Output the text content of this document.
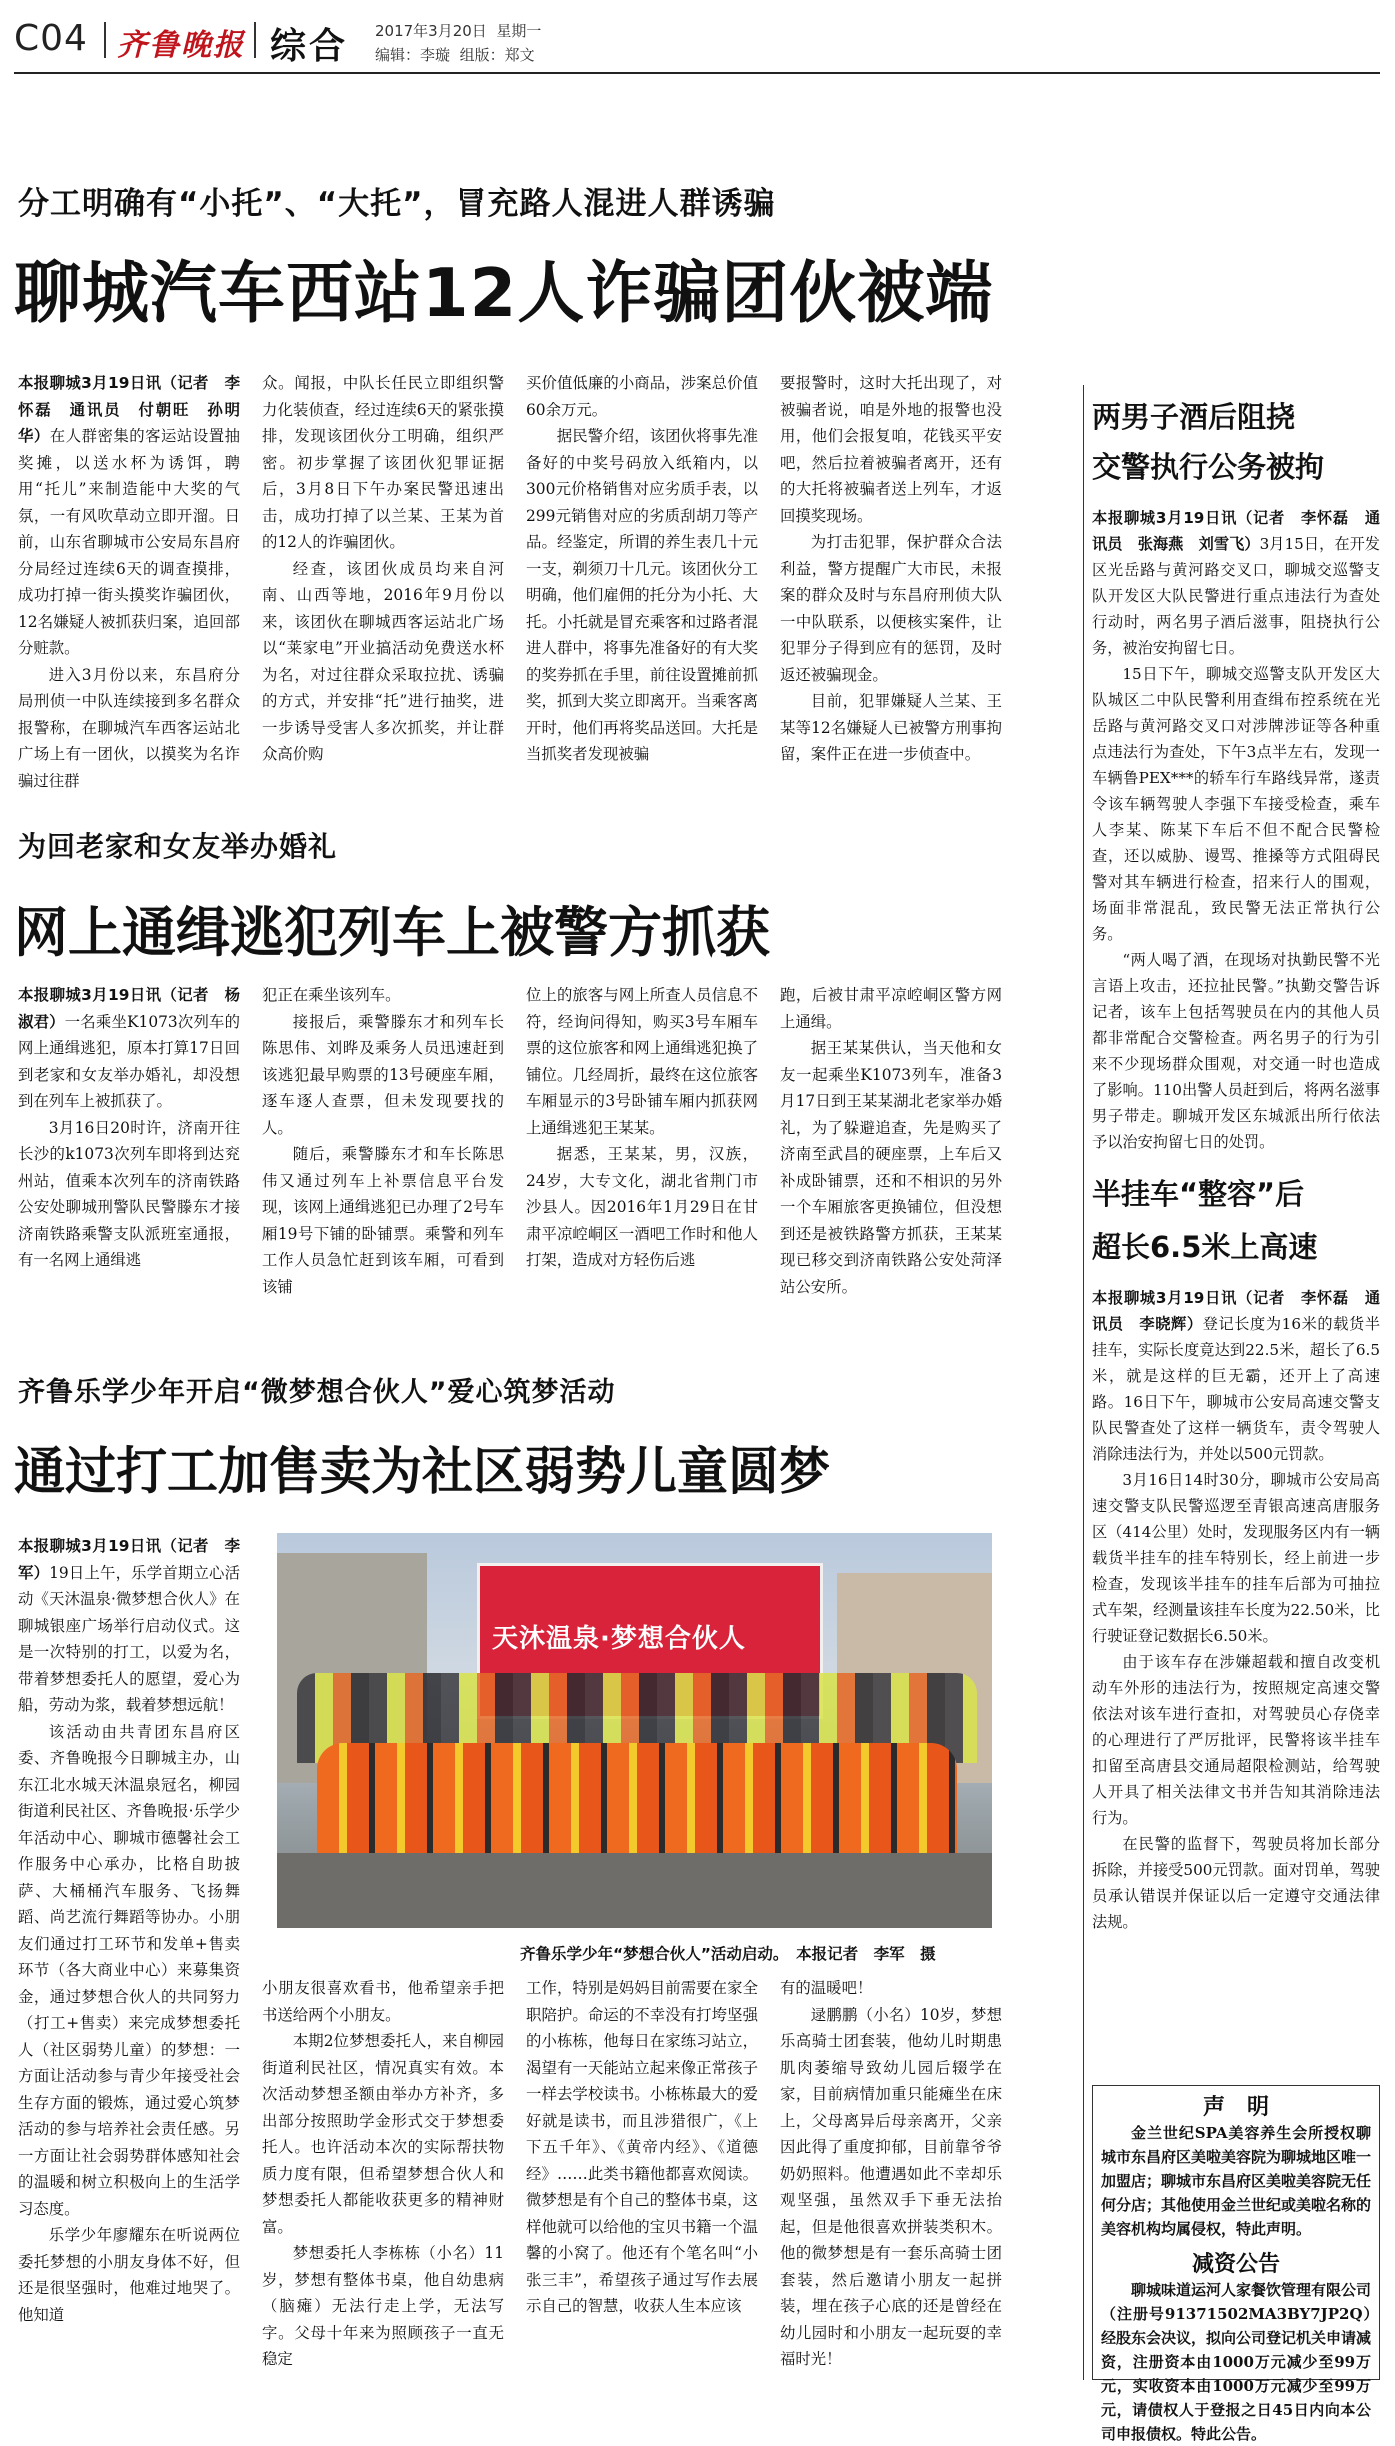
C04 齐鲁晚报 综合 2017年3月20日 星期一
编辑：李璇 组版：郑文
分工明确有“小托”、“大托”，冒充路人混进人群诱骗
聊城汽车西站12人诈骗团伙被端

本报聊城3月19日讯（记者　李怀磊　通讯员　付朝旺　孙明华）在人群密集的客运站设置抽奖摊，以送水杯为诱饵，聘用“托儿”来制造能中大奖的气氛，一有风吹草动立即开溜。日前，山东省聊城市公安局东昌府分局经过连续6天的调查摸排，成功打掉一街头摸奖诈骗团伙，12名嫌疑人被抓获归案，追回部分赃款。

进入3月份以来，东昌府分局刑侦一中队连续接到多名群众报警称，在聊城汽车西客运站北广场上有一团伙，以摸奖为名诈骗过往群

众。闻报，中队长任民立即组织警力化装侦查，经过连续6天的紧张摸排，发现该团伙分工明确，组织严密。初步掌握了该团伙犯罪证据后，3月8日下午办案民警迅速出击，成功打掉了以兰某、王某为首的12人的诈骗团伙。

经查，该团伙成员均来自河南、山西等地，2016年9月份以来，该团伙在聊城西客运站北广场以“莱家电”开业搞活动免费送水杯为名，对过往群众采取拉扰、诱骗的方式，并安排“托”进行抽奖，进一步诱导受害人多次抓奖，并让群众高价购

买价值低廉的小商品，涉案总价值60余万元。

据民警介绍，该团伙将事先准备好的中奖号码放入纸箱内，以300元价格销售对应劣质手表，以299元销售对应的劣质刮胡刀等产品。经鉴定，所谓的养生表几十元一支，剃须刀十几元。该团伙分工明确，他们雇佣的托分为小托、大托。小托就是冒充乘客和过路者混进人群中，将事先准备好的有大奖的奖券抓在手里，前往设置摊前抓奖，抓到大奖立即离开。当乘客离开时，他们再将奖品送回。大托是当抓奖者发现被骗

要报警时，这时大托出现了，对被骗者说，咱是外地的报警也没用，他们会报复咱，花钱买平安吧，然后拉着被骗者离开，还有的大托将被骗者送上列车，才返回摸奖现场。

为打击犯罪，保护群众合法利益，警方提醒广大市民，未报案的群众及时与东昌府刑侦大队一中队联系，以便核实案件，让犯罪分子得到应有的惩罚，及时返还被骗现金。

目前，犯罪嫌疑人兰某、王某等12名嫌疑人已被警方刑事拘留，案件正在进一步侦查中。

为回老家和女友举办婚礼
网上通缉逃犯列车上被警方抓获

本报聊城3月19日讯（记者　杨淑君）一名乘坐K1073次列车的网上通缉逃犯，原本打算17日回到老家和女友举办婚礼，却没想到在列车上被抓获了。

3月16日20时许，济南开往长沙的k1073次列车即将到达兖州站，值乘本次列车的济南铁路公安处聊城刑警队民警滕东才接济南铁路乘警支队派班室通报，有一名网上通缉逃

犯正在乘坐该列车。

接报后，乘警滕东才和列车长陈思伟、刘晔及乘务人员迅速赶到该逃犯最早购票的13号硬座车厢，逐车逐人查票，但未发现要找的人。

随后，乘警滕东才和车长陈思伟又通过列车上补票信息平台发现，该网上通缉逃犯已办理了2号车厢19号下铺的卧铺票。乘警和列车工作人员急忙赶到该车厢，可看到该铺

位上的旅客与网上所查人员信息不符，经询问得知，购买3号车厢车票的这位旅客和网上通缉逃犯换了铺位。几经周折，最终在这位旅客车厢显示的3号卧铺车厢内抓获网上通缉逃犯王某某。

据悉，王某某，男，汉族，24岁，大专文化，湖北省荆门市沙县人。因2016年1月29日在甘肃平凉崆峒区一酒吧工作时和他人打架，造成对方轻伤后逃

跑，后被甘肃平凉崆峒区警方网上通缉。

据王某某供认，当天他和女友一起乘坐K1073列车，准备3月17日到王某某湖北老家举办婚礼，为了躲避追查，先是购买了济南至武昌的硬座票，上车后又补成卧铺票，还和不相识的另外一个车厢旅客更换铺位，但没想到还是被铁路警方抓获，王某某现已移交到济南铁路公安处菏泽站公安所。

齐鲁乐学少年开启“微梦想合伙人”爱心筑梦活动
通过打工加售卖为社区弱势儿童圆梦

本报聊城3月19日讯（记者　李军）19日上午，乐学首期立心活动《天沐温泉·微梦想合伙人》在聊城银座广场举行启动仪式。这是一次特别的打工，以爱为名，带着梦想委托人的愿望，爱心为船，劳动为浆，载着梦想远航！

该活动由共青团东昌府区委、齐鲁晚报今日聊城主办，山东江北水城天沐温泉冠名，柳园街道利民社区、齐鲁晚报·乐学少年活动中心、聊城市德馨社会工作服务中心承办，比格自助披萨、大桶桶汽车服务、飞扬舞蹈、尚艺流行舞蹈等协办。小朋友们通过打工环节和发单+售卖环节（各大商业中心）来募集资金，通过梦想合伙人的共同努力（打工+售卖）来完成梦想委托人（社区弱势儿童）的梦想：一方面让活动参与青少年接受社会生存方面的锻炼，通过爱心筑梦活动的参与培养社会责任感。另一方面让社会弱势群体感知社会的温暖和树立积极向上的生活学习态度。

乐学少年廖耀东在听说两位委托梦想的小朋友身体不好，但还是很坚强时，他难过地哭了。他知道

天沐温泉·梦想合伙人
齐鲁乐学少年“梦想合伙人”活动启动。　本报记者　李军　摄

小朋友很喜欢看书，他希望亲手把书送给两个小朋友。

本期2位梦想委托人，来自柳园街道利民社区，情况真实有效。本次活动梦想圣额由举办方补齐，多出部分按照助学金形式交于梦想委托人。也许活动本次的实际帮扶物质力度有限，但希望梦想合伙人和梦想委托人都能收获更多的精神财富。

梦想委托人李栋栋（小名）11岁，梦想有整体书桌，他自幼患病（脑瘫）无法行走上学，无法写字。父母十年来为照顾孩子一直无稳定

工作，特别是妈妈目前需要在家全职陪护。命运的不幸没有打垮坚强的小栋栋，他每日在家练习站立，渴望有一天能站立起来像正常孩子一样去学校读书。小栋栋最大的爱好就是读书，而且涉猎很广，《上下五千年》、《黄帝内经》、《道德经》……此类书籍他都喜欢阅读。微梦想是有个自己的整体书桌，这样他就可以给他的宝贝书籍一个温馨的小窝了。他还有个笔名叫“小张三丰”，希望孩子通过写作去展示自己的智慧，收获人生本应该

有的温暖吧！

逯鹏鹏（小名）10岁，梦想乐高骑士团套装，他幼儿时期患肌肉萎缩导致幼儿园后辍学在家，目前病情加重只能瘫坐在床上，父母离异后母亲离开，父亲因此得了重度抑郁，目前靠爷爷奶奶照料。他遭遇如此不幸却乐观坚强，虽然双手下垂无法抬起，但是他很喜欢拼装类积木。他的微梦想是有一套乐高骑士团套装，然后邀请小朋友一起拼装，埋在孩子心底的还是曾经在幼儿园时和小朋友一起玩耍的幸福时光！

两男子酒后阻挠
交警执行公务被拘

本报聊城3月19日讯（记者　李怀磊　通讯员　张海燕　刘雪飞）3月15日，在开发区光岳路与黄河路交叉口，聊城交巡警支队开发区大队民警进行重点违法行为查处行动时，两名男子酒后滋事，阻挠执行公务，被治安拘留七日。

15日下午，聊城交巡警支队开发区大队城区二中队民警利用查缉布控系统在光岳路与黄河路交叉口对涉牌涉证等各种重点违法行为查处，下午3点半左右，发现一车辆鲁PEX***的轿车行车路线异常，遂责令该车辆驾驶人李强下车接受检查，乘车人李某、陈某下车后不但不配合民警检查，还以威胁、谩骂、推搡等方式阻碍民警对其车辆进行检查，招来行人的围观，场面非常混乱，致民警无法正常执行公务。

“两人喝了酒，在现场对执勤民警不光言语上攻击，还拉扯民警。”执勤交警告诉记者，该车上包括驾驶员在内的其他人员都非常配合交警检查。两名男子的行为引来不少现场群众围观，对交通一时也造成了影响。110出警人员赶到后，将两名滋事男子带走。聊城开发区东城派出所行依法予以治安拘留七日的处罚。

半挂车“整容”后
超长6.5米上高速

本报聊城3月19日讯（记者　李怀磊　通讯员　李晓辉）登记长度为16米的载货半挂车，实际长度竟达到22.5米，超长了6.5米，就是这样的巨无霸，还开上了高速路。16日下午，聊城市公安局高速交警支队民警查处了这样一辆货车，责令驾驶人消除违法行为，并处以500元罚款。

3月16日14时30分，聊城市公安局高速交警支队民警巡逻至青银高速高唐服务区（414公里）处时，发现服务区内有一辆载货半挂车的挂车特别长，经上前进一步检查，发现该半挂车的挂车后部为可抽拉式车架，经测量该挂车长度为22.50米，比行驶证登记数据长6.50米。

由于该车存在涉嫌超载和擅自改变机动车外形的违法行为，按照规定高速交警依法对该车进行查扣，对驾驶员心存侥幸的心理进行了严厉批评，民警将该半挂车扣留至高唐县交通局超限检测站，给驾驶人开具了相关法律文书并告知其消除违法行为。

在民警的监督下，驾驶员将加长部分拆除，并接受500元罚款。面对罚单，驾驶员承认错误并保证以后一定遵守交通法律法规。

声　明
金兰世纪SPA美容养生会所授权聊城市东昌府区美啦美容院为聊城地区唯一加盟店；聊城市东昌府区美啦美容院无任何分店；其他使用金兰世纪或美啦名称的美容机构均属侵权，特此声明。
减资公告
聊城味道运河人家餐饮管理有限公司（注册号91371502MA3BY7JP2Q）经股东会决议，拟向公司登记机关申请减资，注册资本由1000万元减少至99万元，实收资本由1000万元减少至99万元，请债权人于登报之日45日内向本公司申报债权。特此公告。
